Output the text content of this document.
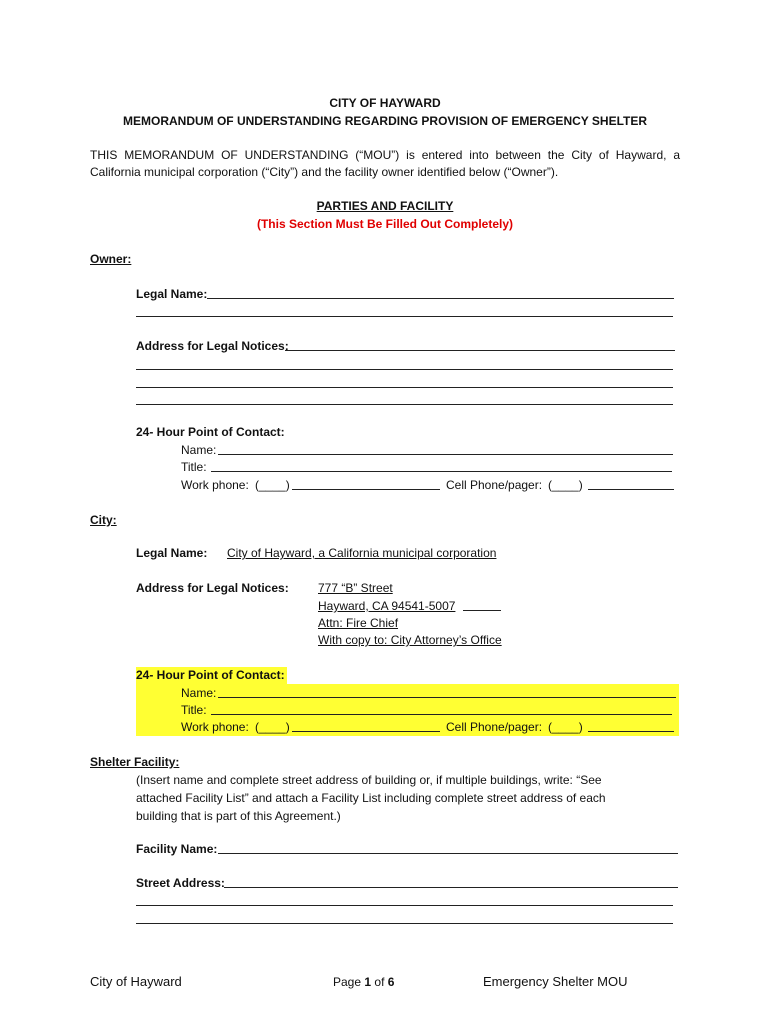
CITY OF HAYWARD
MEMORANDUM OF UNDERSTANDING REGARDING PROVISION OF EMERGENCY SHELTER
THIS MEMORANDUM OF UNDERSTANDING (“MOU”) is entered into between the City of Hayward, a California municipal corporation (“City”) and the facility owner identified below (“Owner”).
PARTIES AND FACILITY
(This Section Must Be Filled Out Completely)
Owner:
Legal Name:
Address for Legal Notices:
24- Hour Point of Contact:
Name:
Title:
Work phone: (____)	Cell Phone/pager: (____)
City:
Legal Name: City of Hayward, a California municipal corporation
Address for Legal Notices: 777 “B” Street
Hayward, CA 94541-5007
Attn: Fire Chief
With copy to: City Attorney’s Office
24- Hour Point of Contact:
Name:
Title:
Work phone: (____)	Cell Phone/pager: (____)
Shelter Facility:
(Insert name and complete street address of building or, if multiple buildings, write: “See attached Facility List” and attach a Facility List including complete street address of each building that is part of this Agreement.)
Facility Name:
Street Address:
City of Hayward	Page 1 of 6	Emergency Shelter MOU
